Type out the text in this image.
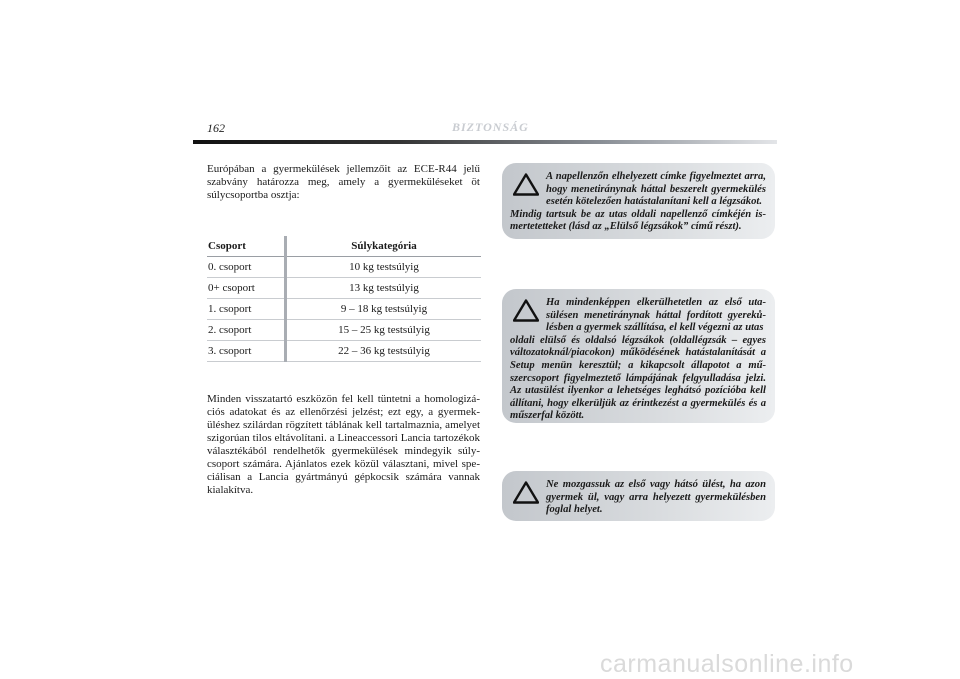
162	BIZTONSÁG
Európában a gyermekülések jellemzőit az ECE-R44 jelű szabvány határozza meg, amely a gyermeküléseket öt súlycsoportba osztja:
Csoport		Súlykategória
0. csoport		10 kg testsúlyig
0+ csoport		13 kg testsúlyig
1. csoport		9 – 18 kg testsúlyig
2. csoport		15 – 25 kg testsúlyig
3. csoport		22 – 36 kg testsúlyig
Minden visszatartó eszközön fel kell tüntetni a homologizációs adatokat és az ellenőrzési jelzést; ezt egy, a gyermeküléshez szilárdan rögzített táblának kell tartalmaznia, amelyet szigorúan tilos eltávolítani. a Lineaccessori Lancia tartozékok választékából rendelhetők gyermekülések mindegyik súlycsoport számára. Ajánlatos ezek közül választani, mivel speciálisan a Lancia gyártmányú gépkocsik számára vannak kialakítva.
A napellenzőn elhelyezett címke figyelmeztet arra, hogy menetiránynak háttal beszerelt gyermekülés esetén kötelezően hatástalanítani kell a légzsákot.
Mindig tartsuk be az utas oldali napellenző címkéjén ismertetetteket (lásd az „Elülső légzsákok” című részt).
Ha mindenképpen elkerülhetetlen az első utasülésen menetiránynak háttal fordított gyerekůlésben a gyermek szállítása, el kell végezni az utas
oldali elülső és oldalsó légzsákok (oldallégzsák – egyes változatoknál/piacokon) működésének hatástalanítását a Setup menün keresztül; a kikapcsolt állapotot a műszercsoport figyelmeztető lámpájának felgyulladása jelzi. Az utasülést ilyenkor a lehetséges leghátsó pozícióba kell állítani, hogy elkerüljük az érintkezést a gyermekülés és a műszerfal között.
Ne mozgassuk az első vagy hátsó ülést, ha azon gyermek ül, vagy arra helyezett gyermekülésben foglal helyet.
carmanualsonline.info
